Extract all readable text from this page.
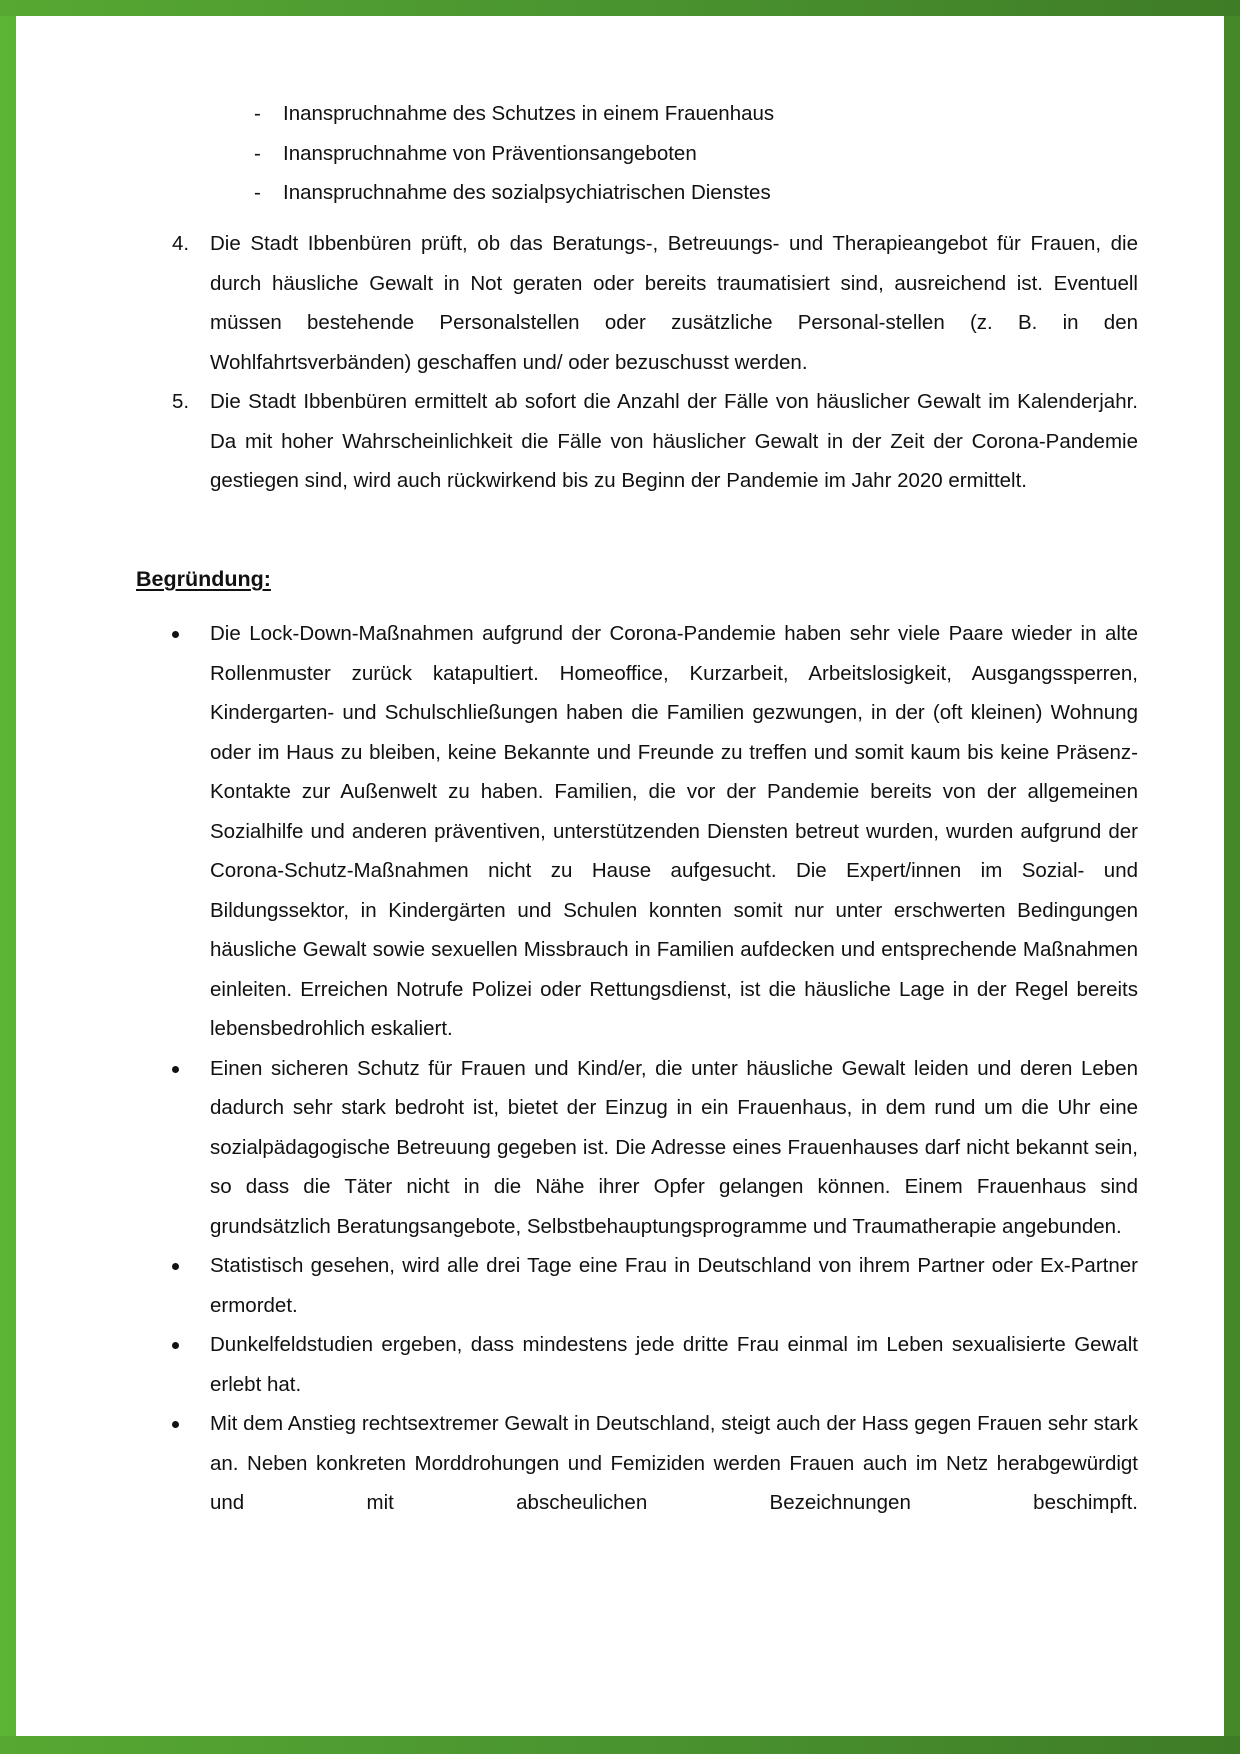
-	Inanspruchnahme des Schutzes in einem Frauenhaus
-	Inanspruchnahme von Präventionsangeboten
-	Inanspruchnahme des sozialpsychiatrischen Dienstes
4. Die Stadt Ibbenbüren prüft, ob das Beratungs-, Betreuungs- und Therapieangebot für Frauen, die durch häusliche Gewalt in Not geraten oder bereits traumatisiert sind, ausreichend ist. Eventuell müssen bestehende Personalstellen oder zusätzliche Personal-stellen (z. B. in den Wohlfahrtsverbänden) geschaffen und/ oder bezuschusst werden.
5. Die Stadt Ibbenbüren ermittelt ab sofort die Anzahl der Fälle von häuslicher Gewalt im Kalenderjahr. Da mit hoher Wahrscheinlichkeit die Fälle von häuslicher Gewalt in der Zeit der Corona-Pandemie gestiegen sind, wird auch rückwirkend bis zu Beginn der Pandemie im Jahr 2020 ermittelt.
Begründung:
Die Lock-Down-Maßnahmen aufgrund der Corona-Pandemie haben sehr viele Paare wieder in alte Rollenmuster zurück katapultiert. Homeoffice, Kurzarbeit, Arbeitslosigkeit, Ausgangssperren, Kindergarten- und Schulschließungen haben die Familien gezwungen, in der (oft kleinen) Wohnung oder im Haus zu bleiben, keine Bekannte und Freunde zu treffen und somit kaum bis keine Präsenz-Kontakte zur Außenwelt zu haben. Familien, die vor der Pandemie bereits von der allgemeinen Sozialhilfe und anderen präventiven, unterstützenden Diensten betreut wurden, wurden aufgrund der Corona-Schutz-Maßnahmen nicht zu Hause aufgesucht. Die Expert/innen im Sozial- und Bildungssektor, in Kindergärten und Schulen konnten somit nur unter erschwerten Bedingungen häusliche Gewalt sowie sexuellen Missbrauch in Familien aufdecken und entsprechende Maßnahmen einleiten. Erreichen Notrufe Polizei oder Rettungsdienst, ist die häusliche Lage in der Regel bereits lebensbedrohlich eskaliert.
Einen sicheren Schutz für Frauen und Kind/er, die unter häusliche Gewalt leiden und deren Leben dadurch sehr stark bedroht ist, bietet der Einzug in ein Frauenhaus, in dem rund um die Uhr eine sozialpädagogische Betreuung gegeben ist. Die Adresse eines Frauenhauses darf nicht bekannt sein, so dass die Täter nicht in die Nähe ihrer Opfer gelangen können. Einem Frauenhaus sind grundsätzlich Beratungsangebote, Selbstbehauptungsprogramme und Traumatherapie angebunden.
Statistisch gesehen, wird alle drei Tage eine Frau in Deutschland von ihrem Partner oder Ex-Partner ermordet.
Dunkelfeldstudien ergeben, dass mindestens jede dritte Frau einmal im Leben sexualisierte Gewalt erlebt hat.
Mit dem Anstieg rechtsextremer Gewalt in Deutschland, steigt auch der Hass gegen Frauen sehr stark an. Neben konkreten Morddrohungen und Femiziden werden Frauen auch im Netz herabgewürdigt und mit abscheulichen Bezeichnungen beschimpft.
